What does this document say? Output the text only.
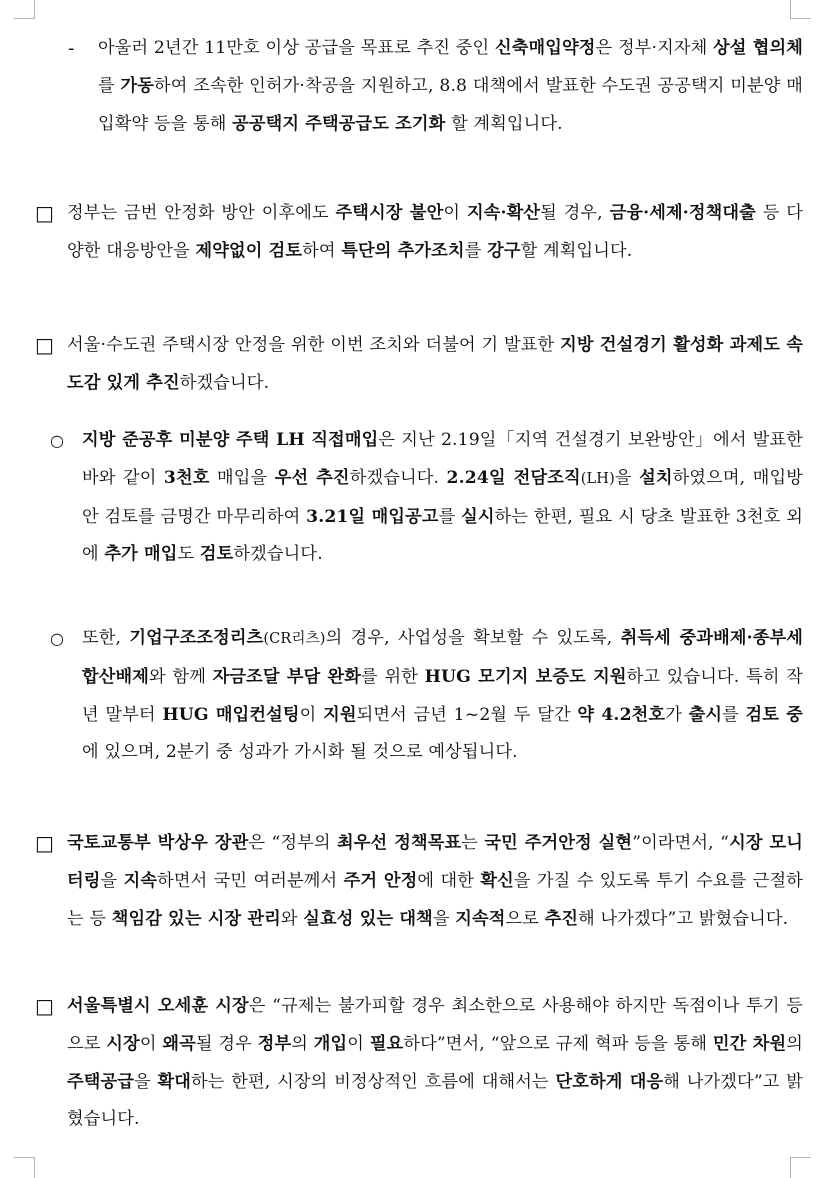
- 아울러 2년간 11만호 이상 공급을 목표로 추진 중인 신축매입약정은 정부·지자체 상설 협의체를 가동하여 조속한 인허가·착공을 지원하고, 8.8 대책에서 발표한 수도권 공공택지 미분양 매입확약 등을 통해 공공택지 주택공급도 조기화 할 계획입니다.
□ 정부는 금번 안정화 방안 이후에도 주택시장 불안이 지속·확산될 경우, 금융·세제·정책대출 등 다양한 대응방안을 제약없이 검토하여 특단의 추가조치를 강구할 계획입니다.
□ 서울·수도권 주택시장 안정을 위한 이번 조치와 더불어 기 발표한 지방 건설경기 활성화 과제도 속도감 있게 추진하겠습니다.
○ 지방 준공후 미분양 주택 LH 직접매입은 지난 2.19일「지역 건설경기 보완방안」에서 발표한 바와 같이 3천호 매입을 우선 추진하겠습니다. 2.24일 전담조직(LH)을 설치하였으며, 매입방안 검토를 금명간 마무리하여 3.21일 매입공고를 실시하는 한편, 필요 시 당초 발표한 3천호 외에 추가 매입도 검토하겠습니다.
○ 또한, 기업구조조정리츠(CR리츠)의 경우, 사업성을 확보할 수 있도록, 취득세 중과배제·종부세 합산배제와 함께 자금조달 부담 완화를 위한 HUG 모기지 보증도 지원하고 있습니다. 특히 작년 말부터 HUG 매입컨설팅이 지원되면서 금년 1~2월 두 달간 약 4.2천호가 출시를 검토 중에 있으며, 2분기 중 성과가 가시화 될 것으로 예상됩니다.
□ 국토교통부 박상우 장관은 “정부의 최우선 정책목표는 국민 주거안정 실현”이라면서, “시장 모니터링을 지속하면서 국민 여러분께서 주거 안정에 대한 확신을 가질 수 있도록 투기 수요를 근절하는 등 책임감 있는 시장 관리와 실효성 있는 대책을 지속적으로 추진해 나가겠다”고 밝혔습니다.
□ 서울특별시 오세훈 시장은 “규제는 불가피할 경우 최소한으로 사용해야 하지만 독점이나 투기 등으로 시장이 왜곡될 경우 정부의 개입이 필요하다”면서, “앞으로 규제 혁파 등을 통해 민간 차원의 주택공급을 확대하는 한편, 시장의 비정상적인 흐름에 대해서는 단호하게 대응해 나가겠다”고 밝혔습니다.
